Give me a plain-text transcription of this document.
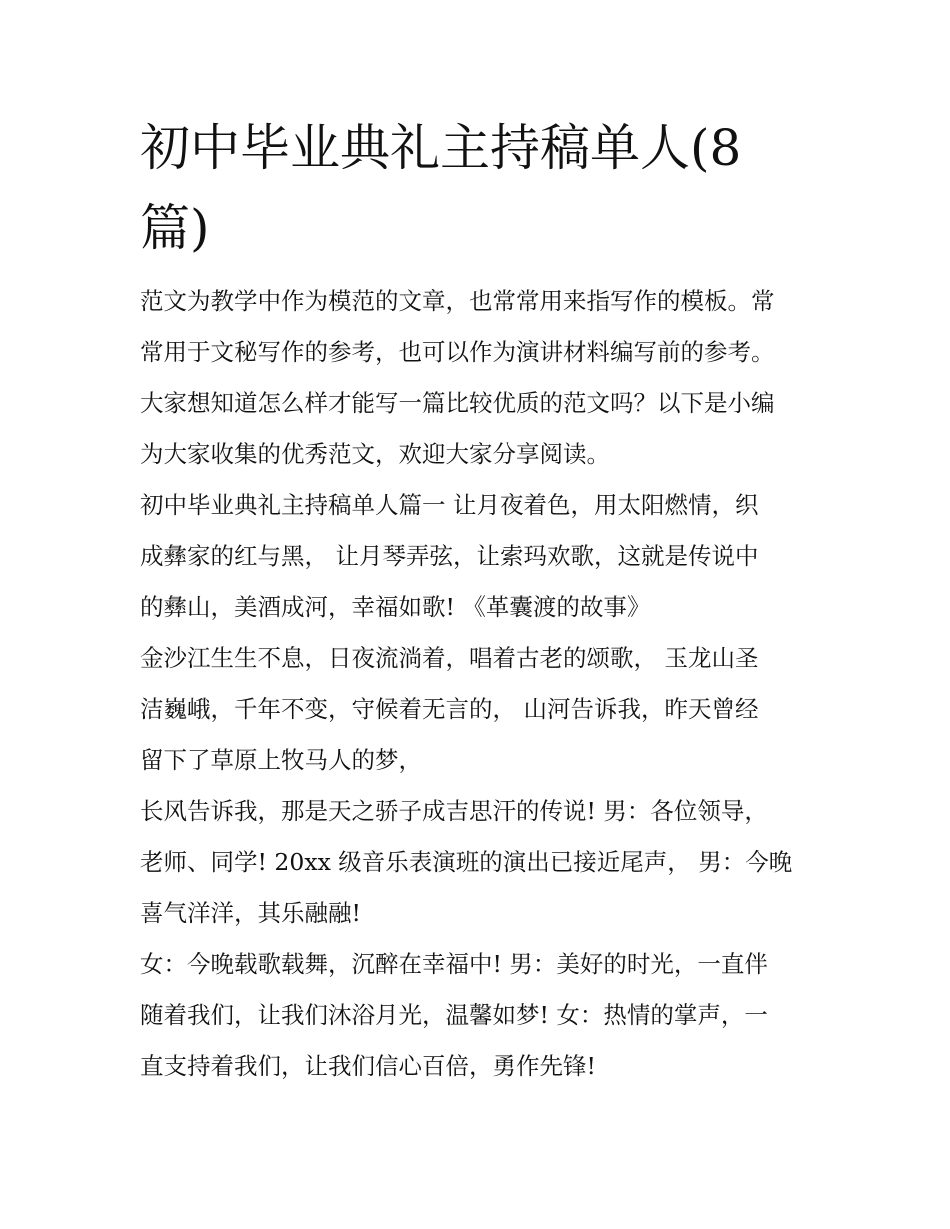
初中毕业典礼主持稿单人(8
篇)
范文为教学中作为模范的文章，也常常用来指写作的模板。常
常用于文秘写作的参考，也可以作为演讲材料编写前的参考。
大家想知道怎么样才能写一篇比较优质的范文吗？以下是小编
为大家收集的优秀范文，欢迎大家分享阅读。
初中毕业典礼主持稿单人篇一 让月夜着色，用太阳燃情，织
成彝家的红与黑， 让月琴弄弦，让索玛欢歌，这就是传说中
的彝山，美酒成河，幸福如歌! 《革囊渡的故事》
金沙江生生不息，日夜流淌着，唱着古老的颂歌， 玉龙山圣
洁巍峨，千年不变，守候着无言的， 山河告诉我，昨天曾经
留下了草原上牧马人的梦，
长风告诉我，那是天之骄子成吉思汗的传说! 男：各位领导，
老师、同学! 20xx 级音乐表演班的演出已接近尾声， 男：今晚
喜气洋洋，其乐融融!
女：今晚载歌载舞，沉醉在幸福中! 男：美好的时光，一直伴
随着我们，让我们沐浴月光，温馨如梦! 女：热情的掌声，一
直支持着我们，让我们信心百倍，勇作先锋!
